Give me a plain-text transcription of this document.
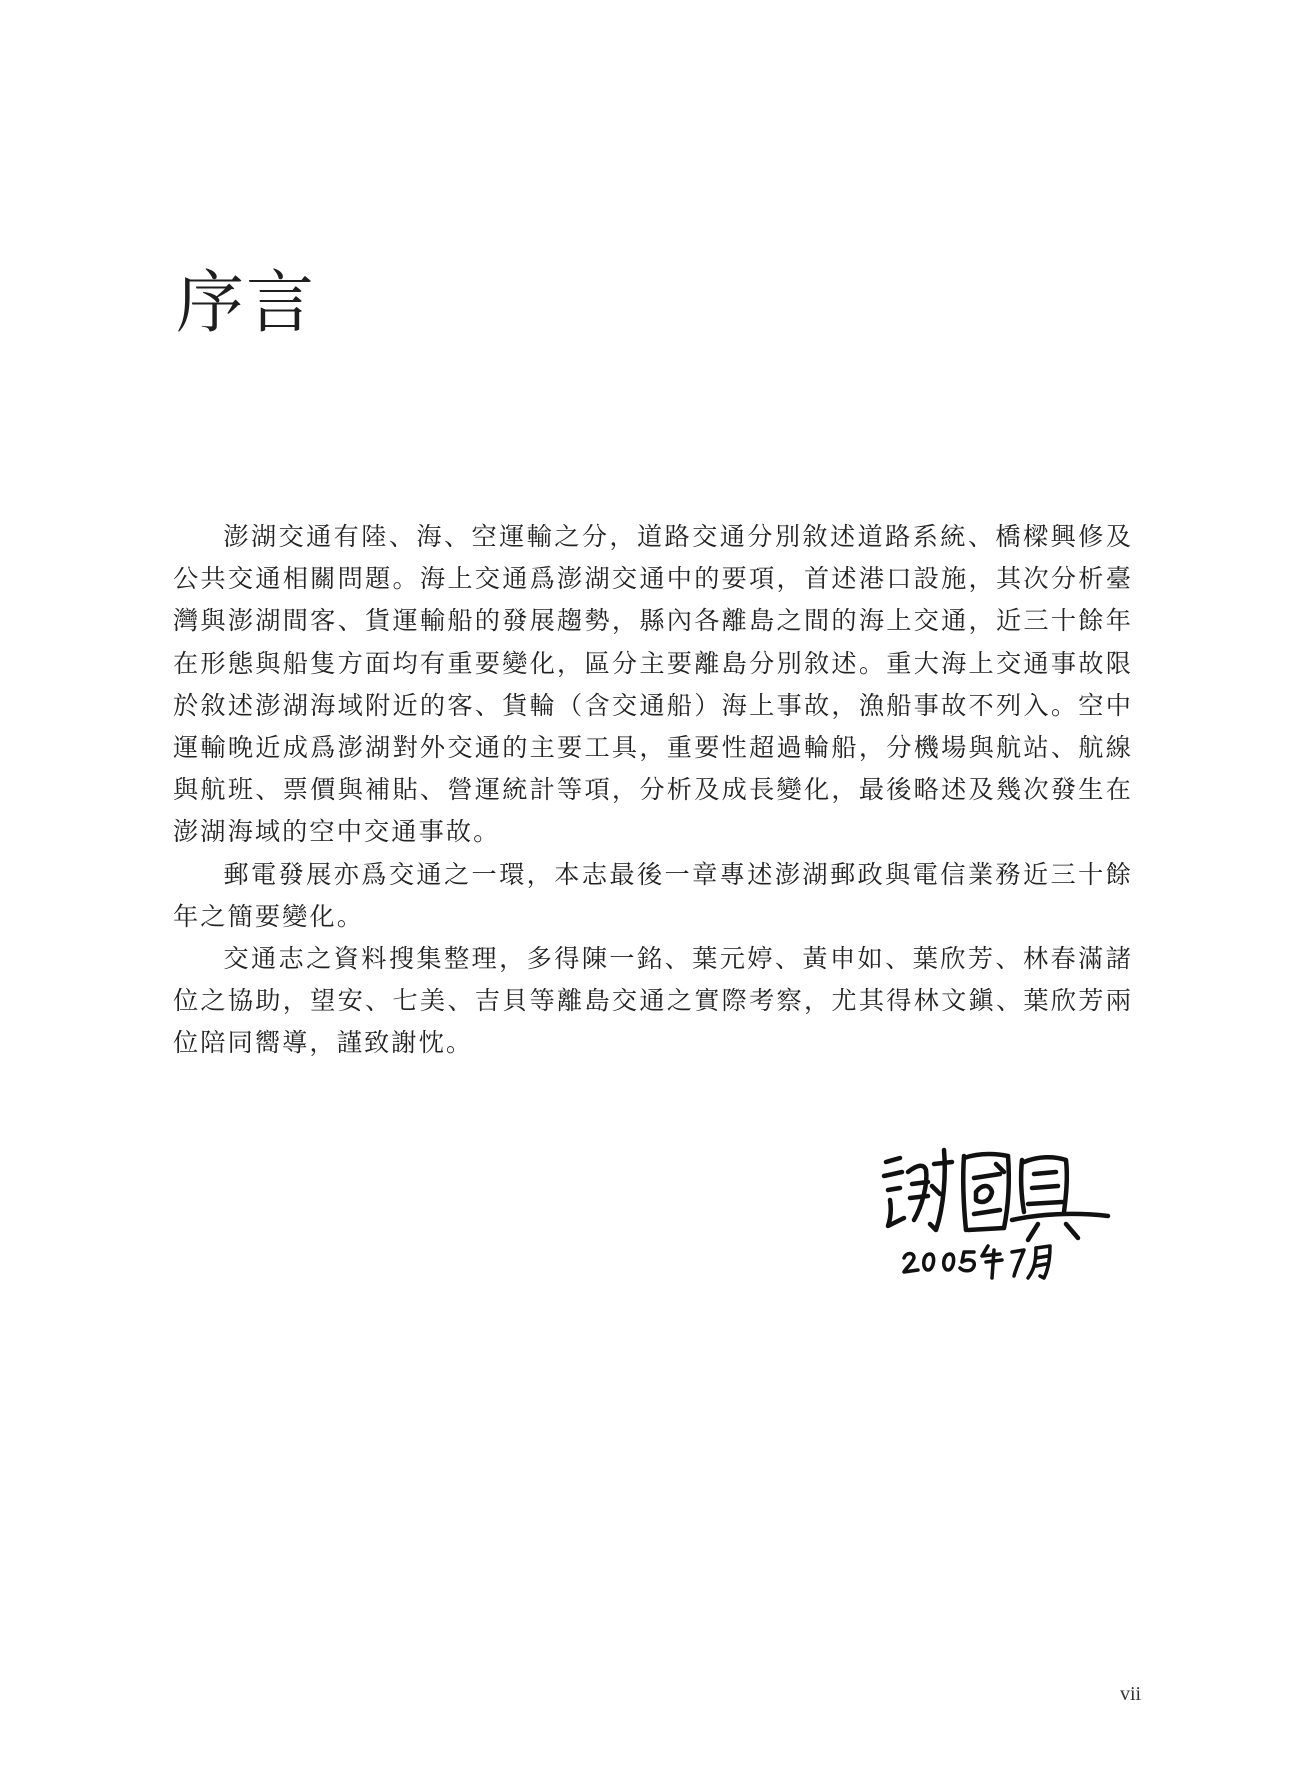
序言

澎湖交通有陸、海、空運輸之分，道路交通分別敘述道路系統、橋樑興修及公共交通相關問題。海上交通爲澎湖交通中的要項，首述港口設施，其次分析臺灣與澎湖間客、貨運輸船的發展趨勢，縣內各離島之間的海上交通，近三十餘年在形態與船隻方面均有重要變化，區分主要離島分別敘述。重大海上交通事故限於敘述澎湖海域附近的客、貨輪（含交通船）海上事故，漁船事故不列入。空中運輸晚近成爲澎湖對外交通的主要工具，重要性超過輪船，分機場與航站、航線與航班、票價與補貼、營運統計等項，分析及成長變化，最後略述及幾次發生在澎湖海域的空中交通事故。

郵電發展亦爲交通之一環，本志最後一章專述澎湖郵政與電信業務近三十餘年之簡要變化。

交通志之資料搜集整理，多得陳一銘、葉元婷、黃申如、葉欣芳、林春滿諸位之協助，望安、七美、吉貝等離島交通之實際考察，尤其得林文鎭、葉欣芳兩位陪同嚮導，謹致謝忱。

vii
